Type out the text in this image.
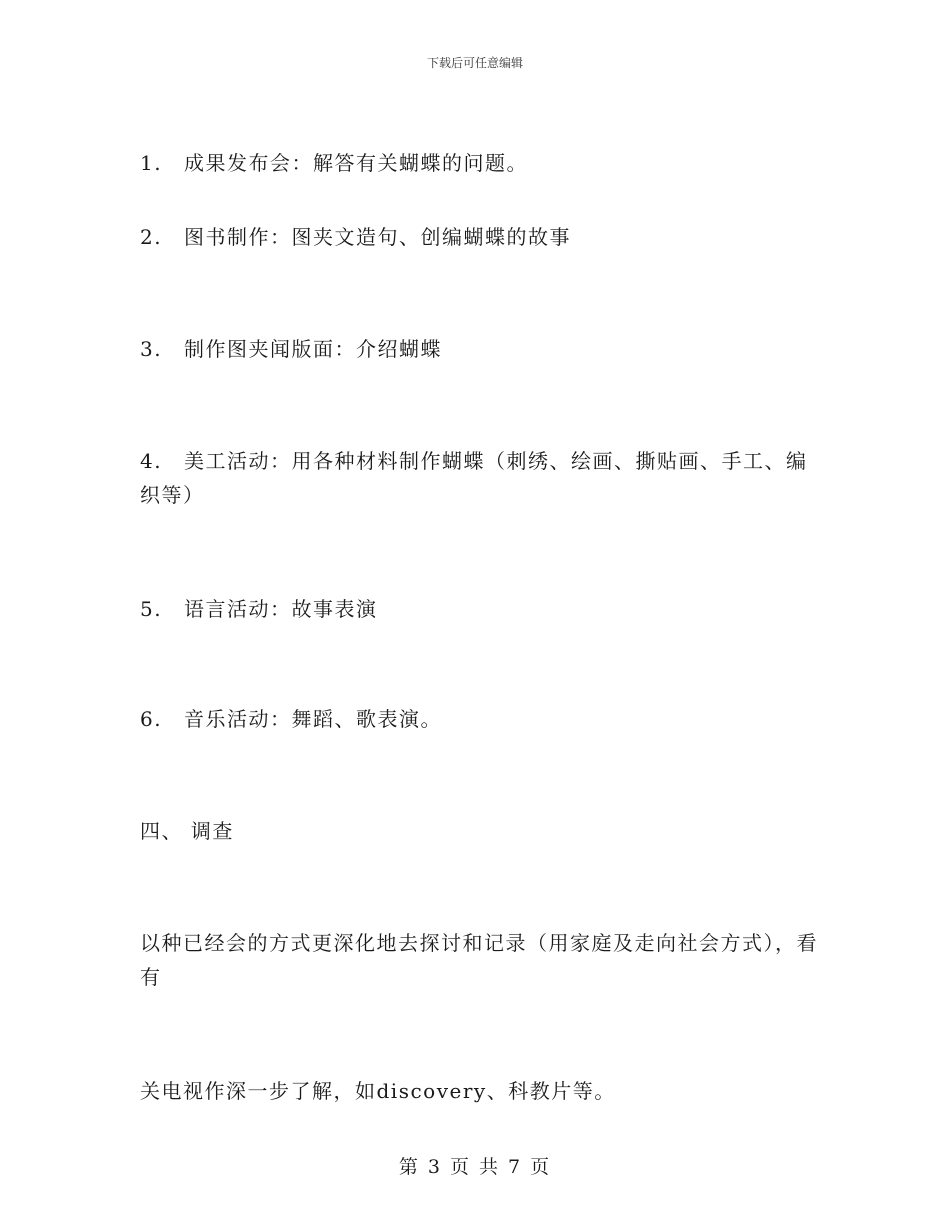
下载后可任意编辑
1. 成果发布会：解答有关蝴蝶的问题。
2. 图书制作：图夹文造句、创编蝴蝶的故事
3. 制作图夹闻版面：介绍蝴蝶
4. 美工活动：用各种材料制作蝴蝶（刺绣、绘画、撕贴画、手工、编织等）
5. 语言活动：故事表演
6. 音乐活动：舞蹈、歌表演。
四、 调查
以种已经会的方式更深化地去探讨和记录（用家庭及走向社会方式），看有
关电视作深一步了解，如discovery、科教片等。
第 3 页 共 7 页
